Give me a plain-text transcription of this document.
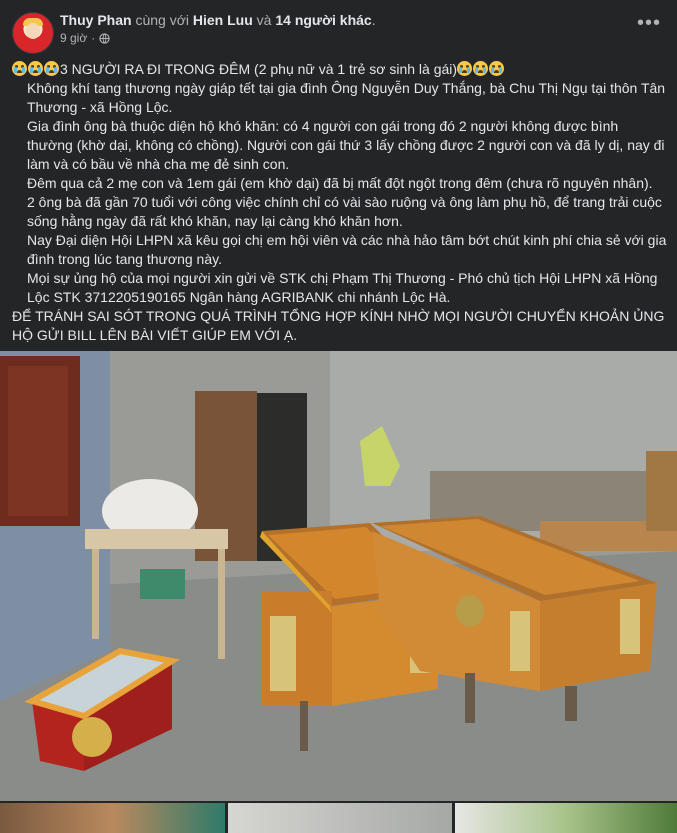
Thuy Phan cùng với Hien Luu và 14 người khác.
9 giờ ·
•••

3 NGƯỜI RA ĐI TRONG ĐÊM (2 phụ nữ và 1 trẻ sơ sinh là gái)

Không khí tang thương ngày giáp tết tại gia đình Ông Nguyễn Duy Thắng, bà Chu Thị Ngụ tại thôn Tân Thương - xã Hồng Lộc.

Gia đình ông bà thuộc diện hộ khó khăn: có 4 người con gái trong đó 2 người không được bình thường (khờ dại, không có chồng). Người con gái thứ 3 lấy chồng được 2 người con và đã ly dị, nay đi làm và có bầu về nhà cha mẹ đẻ sinh con.

Đêm qua cả 2 mẹ con và 1em gái (em khờ dại) đã bị mất đột ngột trong đêm (chưa rõ nguyên nhân).

2 ông bà đã gần 70 tuổi với công việc chính chỉ có vài sào ruộng và ông làm phụ hồ, để trang trải cuộc sống hằng ngày đã rất khó khăn, nay lại càng khó khăn hơn.

Nay Đại diện Hội LHPN xã kêu gọi chị em hội viên và các nhà hảo tâm bớt chút kinh phí chia sẻ với gia đình trong lúc tang thương này.

Mọi sự ủng hộ của mọi người xin gửi về STK chị Phạm Thị Thương - Phó chủ tịch Hội LHPN xã Hồng Lộc STK 3712205190165 Ngân hàng AGRIBANK chi nhánh Lộc Hà.

ĐỂ TRÁNH SAI SÓT TRONG QUÁ TRÌNH TỔNG HỢP KÍNH NHỜ MỌI NGƯỜI CHUYỂN KHOẢN ỦNG HỘ GỬI BILL LÊN BÀI VIẾT GIÚP EM VỚI Ạ.
